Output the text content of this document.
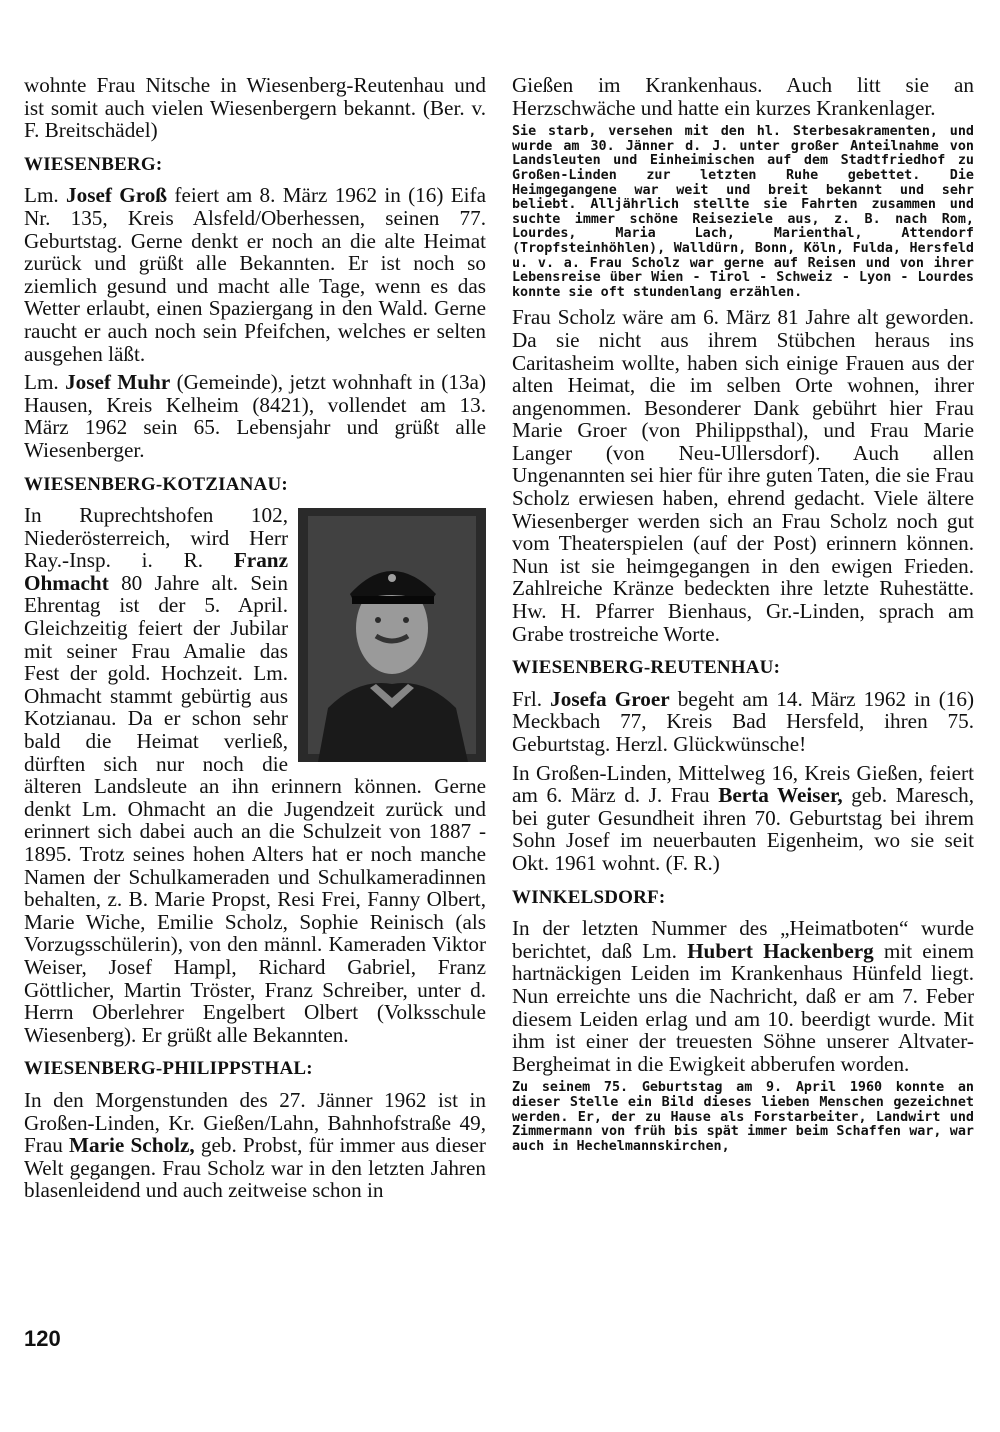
wohnte Frau Nitsche in Wiesenberg-Reutenhau und ist somit auch vielen Wiesenbergern bekannt. (Ber. v. F. Breitschädel)

WIESENBERG:

Lm. Josef Groß feiert am 8. März 1962 in (16) Eifa Nr. 135, Kreis Alsfeld/Oberhessen, seinen 77. Geburtstag. Gerne denkt er noch an die alte Heimat zurück und grüßt alle Bekannten. Er ist noch so ziemlich gesund und macht alle Tage, wenn es das Wetter erlaubt, einen Spaziergang in den Wald. Gerne raucht er auch noch sein Pfeifchen, welches er selten ausgehen läßt.

Lm. Josef Muhr (Gemeinde), jetzt wohnhaft in (13a) Hausen, Kreis Kelheim (8421), vollendet am 13. März 1962 sein 65. Lebensjahr und grüßt alle Wiesenberger.

WIESENBERG-KOTZIANAU:

In Ruprechtshofen 102, Niederösterreich, wird Herr Ray.-Insp. i. R. Franz Ohmacht 80 Jahre alt. Sein Ehrentag ist der 5. April. Gleichzeitig feiert der Jubilar mit seiner Frau Amalie das Fest der gold. Hochzeit. Lm. Ohmacht stammt gebürtig aus Kotzianau. Da er schon sehr bald die Heimat verließ, dürften sich nur noch die älteren Landsleute an ihn erinnern können. Gerne denkt Lm. Ohmacht an die Jugendzeit zurück und erinnert sich dabei auch an die Schulzeit von 1887 - 1895. Trotz seines hohen Alters hat er noch manche Namen der Schulkameraden und Schulkameradinnen behalten, z. B. Marie Propst, Resi Frei, Fanny Olbert, Marie Wiche, Emilie Scholz, Sophie Reinisch (als Vorzugsschülerin), von den männl. Kameraden Viktor Weiser, Josef Hampl, Richard Gabriel, Franz Göttlicher, Martin Tröster, Franz Schreiber, unter d. Herrn Oberlehrer Engelbert Olbert (Volksschule Wiesenberg). Er grüßt alle Bekannten.

WIESENBERG-PHILIPPSTHAL:

In den Morgenstunden des 27. Jänner 1962 ist in Großen-Linden, Kr. Gießen/Lahn, Bahnhofstraße 49, Frau Marie Scholz, geb. Probst, für immer aus dieser Welt gegangen. Frau Scholz war in den letzten Jahren blasenleidend und auch zeitweise schon in

Gießen im Krankenhaus. Auch litt sie an Herzschwäche und hatte ein kurzes Krankenlager.

Sie starb, versehen mit den hl. Sterbesakramenten, und wurde am 30. Jänner d. J. unter großer Anteilnahme von Landsleuten und Einheimischen auf dem Stadtfriedhof zu Großen-Linden zur letzten Ruhe gebettet. Die Heimgegangene war weit und breit bekannt und sehr beliebt. Alljährlich stellte sie Fahrten zusammen und suchte immer schöne Reiseziele aus, z. B. nach Rom, Lourdes, Maria Lach, Marienthal, Attendorf (Tropfsteinhöhlen), Walldürn, Bonn, Köln, Fulda, Hersfeld u. v. a. Frau Scholz war gerne auf Reisen und von ihrer Lebensreise über Wien - Tirol - Schweiz - Lyon - Lourdes konnte sie oft stundenlang erzählen.

Frau Scholz wäre am 6. März 81 Jahre alt geworden. Da sie nicht aus ihrem Stübchen heraus ins Caritasheim wollte, haben sich einige Frauen aus der alten Heimat, die im selben Orte wohnen, ihrer angenommen. Besonderer Dank gebührt hier Frau Marie Groer (von Philippsthal), und Frau Marie Langer (von Neu-Ullersdorf). Auch allen Ungenannten sei hier für ihre guten Taten, die sie Frau Scholz erwiesen haben, ehrend gedacht. Viele ältere Wiesenberger werden sich an Frau Scholz noch gut vom Theaterspielen (auf der Post) erinnern können. Nun ist sie heimgegangen in den ewigen Frieden. Zahlreiche Kränze bedeckten ihre letzte Ruhestätte. Hw. H. Pfarrer Bienhaus, Gr.-Linden, sprach am Grabe trostreiche Worte.

WIESENBERG-REUTENHAU:

Frl. Josefa Groer begeht am 14. März 1962 in (16) Meckbach 77, Kreis Bad Hersfeld, ihren 75. Geburtstag. Herzl. Glückwünsche!

In Großen-Linden, Mittelweg 16, Kreis Gießen, feiert am 6. März d. J. Frau Berta Weiser, geb. Maresch, bei guter Gesundheit ihren 70. Geburtstag bei ihrem Sohn Josef im neuerbauten Eigenheim, wo sie seit Okt. 1961 wohnt. (F. R.)

WINKELSDORF:

In der letzten Nummer des „Heimatboten“ wurde berichtet, daß Lm. Hubert Hackenberg mit einem hartnäckigen Leiden im Krankenhaus Hünfeld liegt. Nun erreichte uns die Nachricht, daß er am 7. Feber diesem Leiden erlag und am 10. beerdigt wurde. Mit ihm ist einer der treuesten Söhne unserer Altvater-Bergheimat in die Ewigkeit abberufen worden.

Zu seinem 75. Geburtstag am 9. April 1960 konnte an dieser Stelle ein Bild dieses lieben Menschen gezeichnet werden. Er, der zu Hause als Forstarbeiter, Landwirt und Zimmermann von früh bis spät immer beim Schaffen war, war auch in Hechelmannskirchen,

120
